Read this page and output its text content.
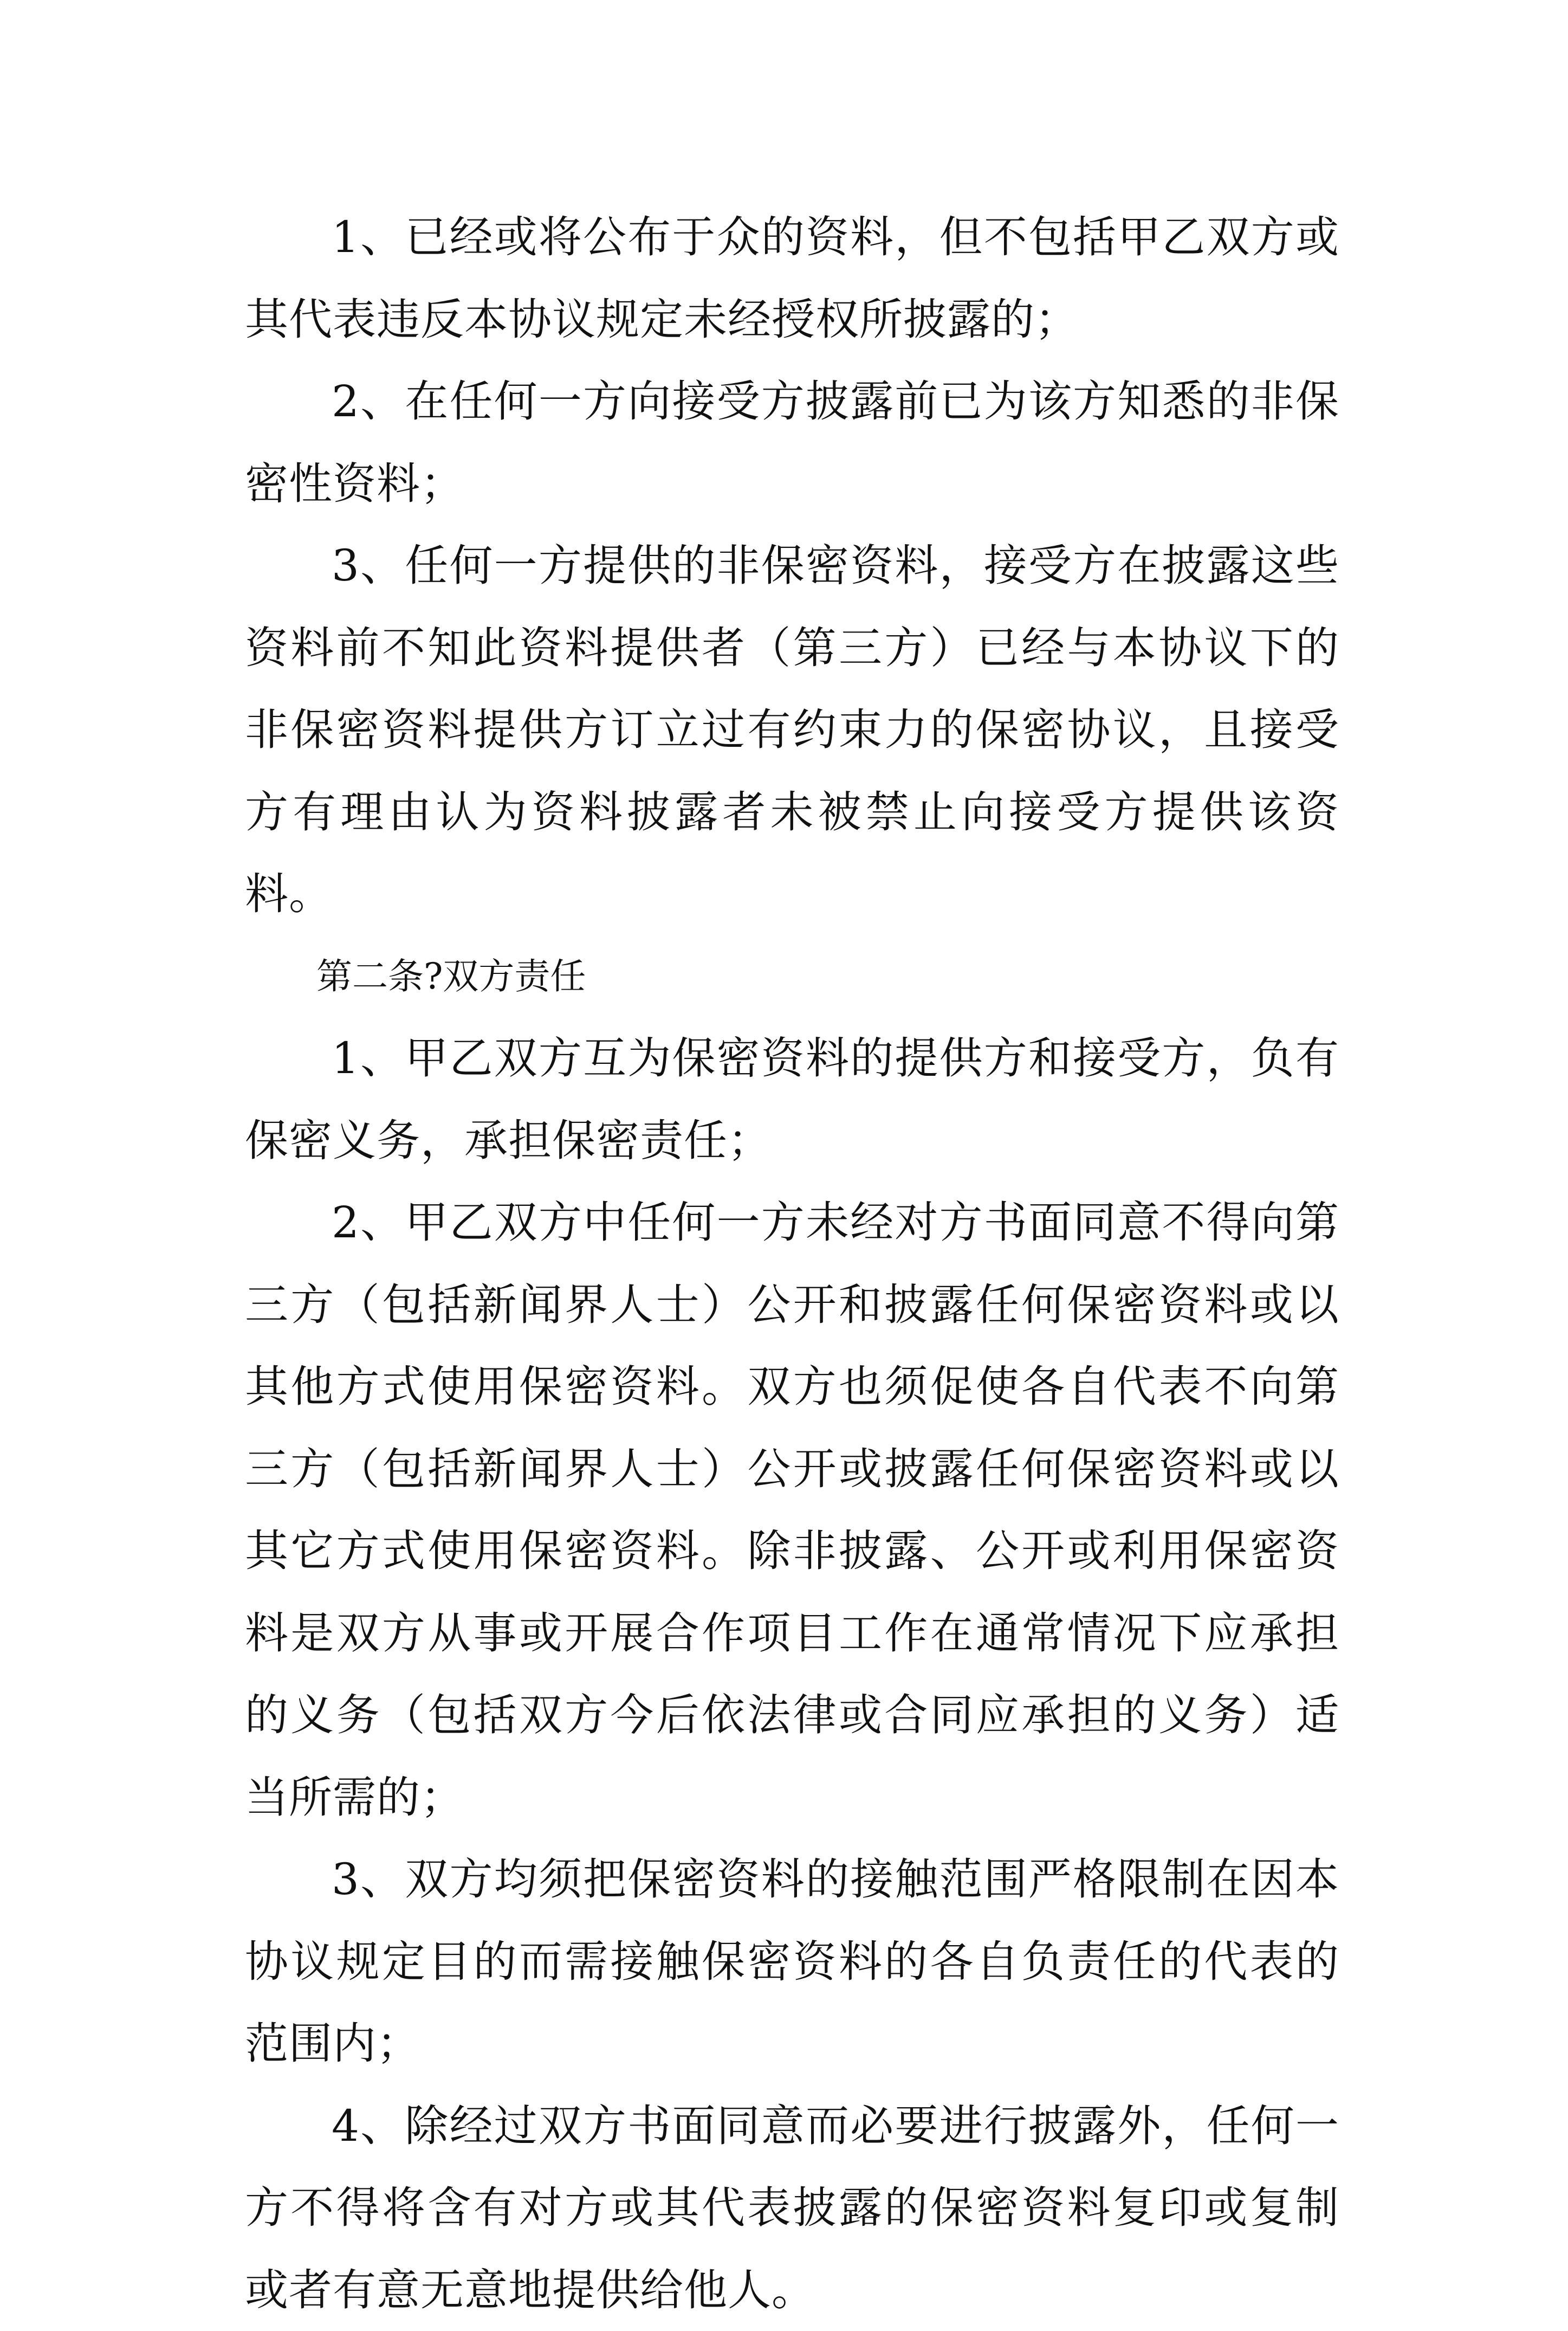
1、已经或将公布于众的资料，但不包括甲乙双方或其代表违反本协议规定未经授权所披露的；

2、在任何一方向接受方披露前已为该方知悉的非保密性资料；

3、任何一方提供的非保密资料，接受方在披露这些资料前不知此资料提供者（第三方）已经与本协议下的非保密资料提供方订立过有约束力的保密协议，且接受方有理由认为资料披露者未被禁止向接受方提供该资料。

第二条?双方责任

1、甲乙双方互为保密资料的提供方和接受方，负有保密义务，承担保密责任；

2、甲乙双方中任何一方未经对方书面同意不得向第三方（包括新闻界人士）公开和披露任何保密资料或以其他方式使用保密资料。双方也须促使各自代表不向第三方（包括新闻界人士）公开或披露任何保密资料或以其它方式使用保密资料。除非披露、公开或利用保密资料是双方从事或开展合作项目工作在通常情况下应承担的义务（包括双方今后依法律或合同应承担的义务）适当所需的；

3、双方均须把保密资料的接触范围严格限制在因本协议规定目的而需接触保密资料的各自负责任的代表的范围内；

4、除经过双方书面同意而必要进行披露外，任何一方不得将含有对方或其代表披露的保密资料复印或复制或者有意无意地提供给他人。
